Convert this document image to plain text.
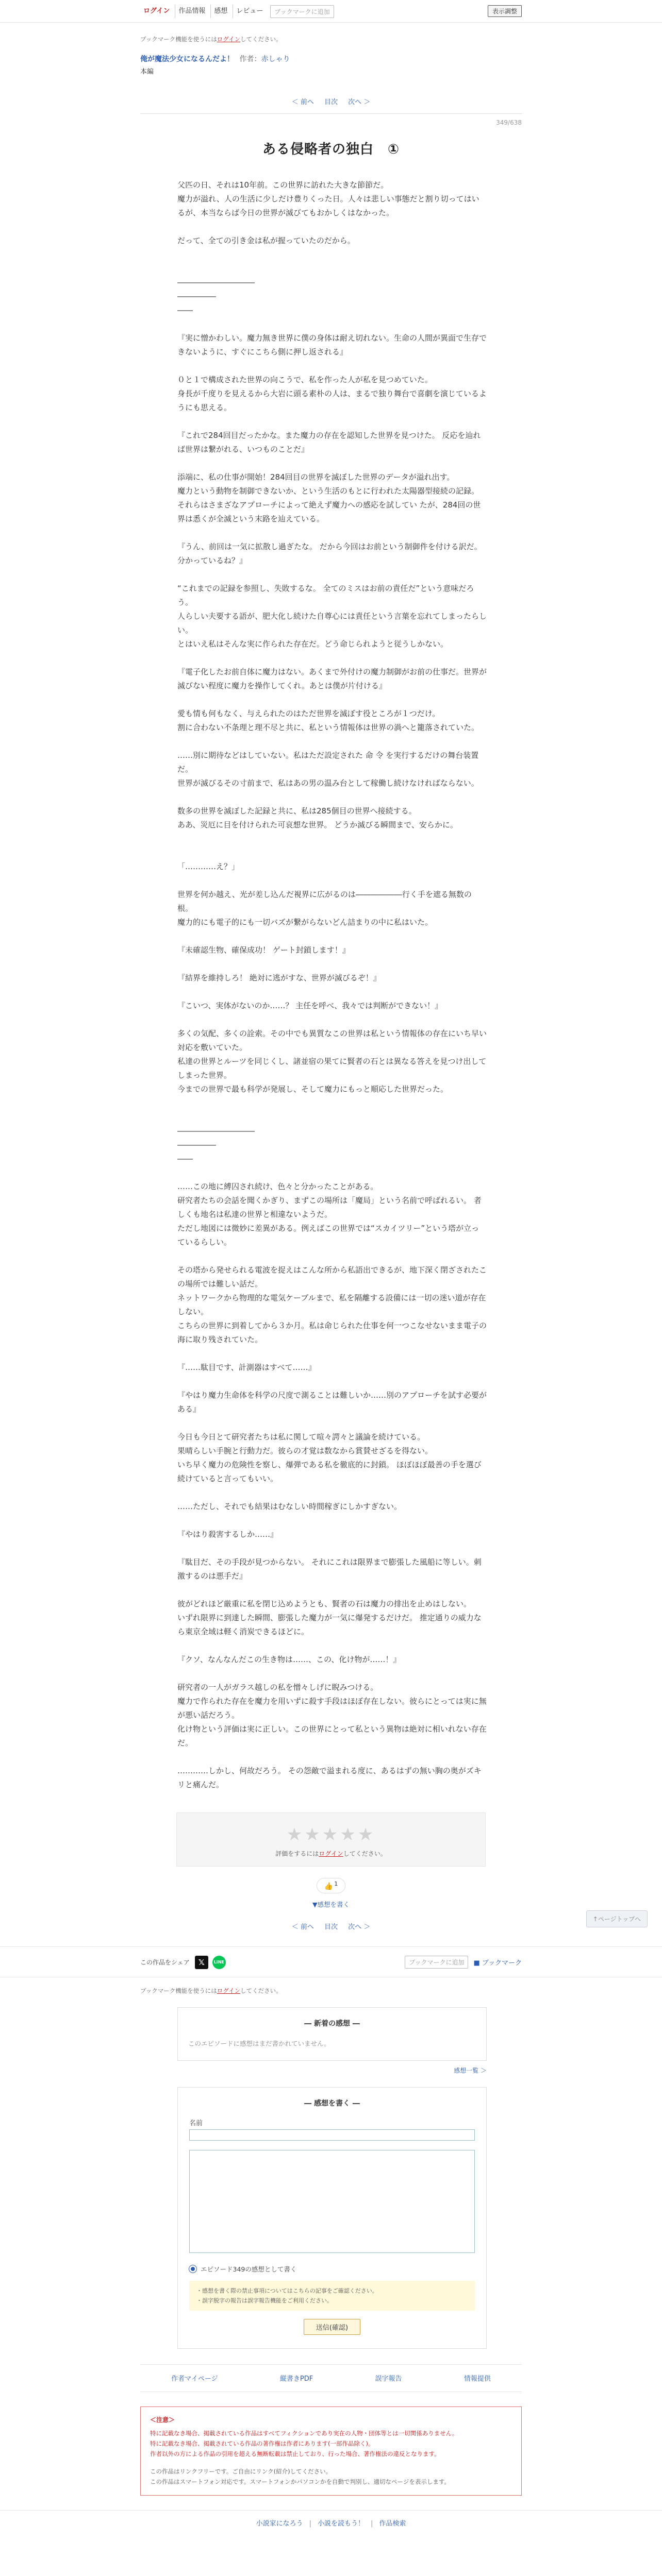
ログイン	作品情報	感想	レビュー	ブックマークに追加	表示調整
ブックマーク機能を使うにはログインしてください。
俺が魔法少女になるんだよ！ 作者：赤しゃり
本編
＜ 前へ 目次 次へ ＞
349/638
ある侵略者の独白　①

父匹の日、それは10年前。この世界に訪れた大きな節節だ。

魔力が溢れ、人の生活に少しだけ豊りくった日。人々は悲しい事態だと割り切ってはいるが、本当ならば今日の世界が滅びてもおかしくはなかった。

だって、全ての引き金は私が握っていたのだから。

――――――――――

―――――

――

『実に憎かわしい。魔力無き世界に僕の身体は耐え切れない。生命の人間が異面で生存できないように、すぐにこちら側に押し返される』

０と１で構成された世界の向こうで、私を作った人が私を見つめていた。

身長が千度りを見えるから大岩に頭る素朴の人は、まるで独り舞台で喜劇を演じているようにも思える。

『これで284回目だったかな。また魔力の存在を認知した世界を見つけた。 反応を辿れば世界は繋がれる、いつものことだ』

添端に、私の仕事が開始！284回目の世界を滅ぼした世界のデータが溢れ出す。

魔力という動物を制御できないか、という生活のもとに行われた太陽器型接続の記録。

それらはさまざなアプローチによって絶えず魔力への感応を試してい たが、284回の世界は悉くが全滅という末路を辿えている。

『うん、前回は一気に拡散し過ぎたな。 だから今回はお前という制御件を付ける訳だ。分かっているね？』

“これまでの記録を参照し、失敗するな。 全てのミスはお前の責任だ”という意味だろう。

人らしい夫要する語が、肥大化し続けた自尊心には責任という言葉を忘れてしまったらしい。

とはいえ私はそんな実に作られた存在だ。どう命じられようと従うしかない。

『電子化したお前自体に魔力はない。あくまで外付けの魔力制御がお前の仕事だ。世界が滅びない程度に魔力を操作してくれ。あとは僕が片付ける』

愛も情も何もなく、与えられたのはただ世界を滅ぼす役ところが１つだけ。

割に合わない不条理と理不尽と共に、私という情報体は世界の渦へと籠落されていた。

……別に期待などはしていない。私はただ設定された 命 令 を実行するだけの舞台装置だ。

世界が滅びるその寸前まで、私はあの男の温み台として稼働し続けなければならない。

数多の世界を滅ぼした記録と共に、私は285個目の世界へ接続する。

ああ、災厄に目を付けられた可哀想な世界。 どうか滅びる瞬間まで、安らかに。

「…………え？」

世界を何か越え、光が差し込んだ視界に広がるのは――――――行く手を遮る無数の根。

魔力的にも電子的にも一切バズが繋がらないどん詰まりの中に私はいた。

『未確認生物、確保成功！ ゲート封鎖します！』

『結界を維持しろ！ 絶対に逃がすな、世界が滅びるぞ！』

『こいつ、実体がないのか……？ 主任を呼べ、我々では判断ができない！』

多くの気配、多くの詮索。その中でも異質なこの世界は私という情報体の存在にいち早い対応を敷いていた。

私達の世界とルーツを同じくし、諸並宿の果てに賢者の石とは異なる答えを見つけ出してしまった世界。

今までの世界で最も科学が発展し、そして魔力にもっと順応した世界だった。

――――――――――

―――――

――

……この地に縛囚され続け、色々と分かったことがある。

研究者たちの会話を聞くかぎり、まずこの場所は「魔局」という名前で呼ばれるい。 者しくも地名は私達の世界と相違ないようだ。

ただし地図には微妙に差異がある。例えばこの世界では“スカイツリー”という塔が立っているらしい。

その塔から発せられる電波を捉えはこんな所から私語出できるが、地下深く閉ざされたこの場所では難しい話だ。

ネットワークから物理的な電気ケーブルまで、私を隔離する設備には一切の迷い道が存在しない。

こちらの世界に到着してから３か月。私は命じられた仕事を何一つこなせないまま電子の海に取り残されていた。

『……駄目です、計測器はすべて……』

『やはり魔力生命体を科学の尺度で測ることは難しいか……別のアプローチを試す必要がある』

今日も今日とて研究者たちは私に関して喧々諤々と議論を続けている。

果晴らしい手腕と行動力だ。彼らの才覚は数なから賞賛せざるを得ない。

いち早く魔力の危険性を察し、爆弾である私を徹底的に封鎖。 ほぼほぼ最善の手を選び続けていると言ってもいい。

……ただし、それでも結果はむなしい時間稼ぎにしかすぎない。

『やはり殺害するしか……』

『駄目だ、その手段が見つからない。 それにこれは限界まで膨張した風船に等しい。刺激するのは悪手だ』

彼がどれほど厳重に私を閉じ込めようとも、賢者の石は魔力の排出を止めはしない。

いずれ限界に到達した瞬間、膨張した魔力が一気に爆発するだけだ。 推定通りの威力なら東京全域は軽く消炭できるほどに。

『クソ、なんなんだこの生き物は……、この、化け物が……！』

研究者の一人がガラス越しの私を憎々しげに睨みつける。

魔力で作られた存在を魔力を用いずに殺す手段はほぼ存在しない。彼らにとっては実に無が悪い話だろう。

化け物という評価は実に正しい。この世界にとって私という異物は絶対に相いれない存在だ。

…………しかし、何故だろう。 その怨敵で溢まれる度に、あるはずの無い胸の奥がズキリと痛んだ。

↑ページトップへ
★★★★★
評価をするにはログインしてください。
👍 $^1$
▼感想を書く
＜ 前へ 目次 次へ ＞
この作品をシェア	𝕏	LINE	ブックマークに追加	■ ブックマーク
ブックマーク機能を使うにはログインしてください。
― 新着の感想 ―

このエピソードに感想はまだ書かれていません。

感想一覧 ＞
― 感想を書く ―
名前
エピソード349の感想として書く
・感想を書く際の禁止事項についてはこちらの記事をご確認ください。
・誤字脱字の報告は誤字報告機能をご利用ください。
送信(確認)
作者マイページ	縦書きPDF	誤字報告	情報提供
＜注意＞
特に記載なき場合、掲載されている作品はすべてフィクションであり実在の人物・団体等とは一切関係ありません。
特に記載なき場合、掲載されている作品の著作権は作者にあります(一部作品除く)。
作者以外の方による作品の引用を超える無断転載は禁止しており、行った場合、著作権法の違反となります。
この作品はリンクフリーです。ご自由にリンク(紹介)してください。
この作品はスマートフォン対応です。スマートフォンかパソコンかを自動で判別し、適切なページを表示します。
小説家になろう | 小説を読もう！ | 作品検索
